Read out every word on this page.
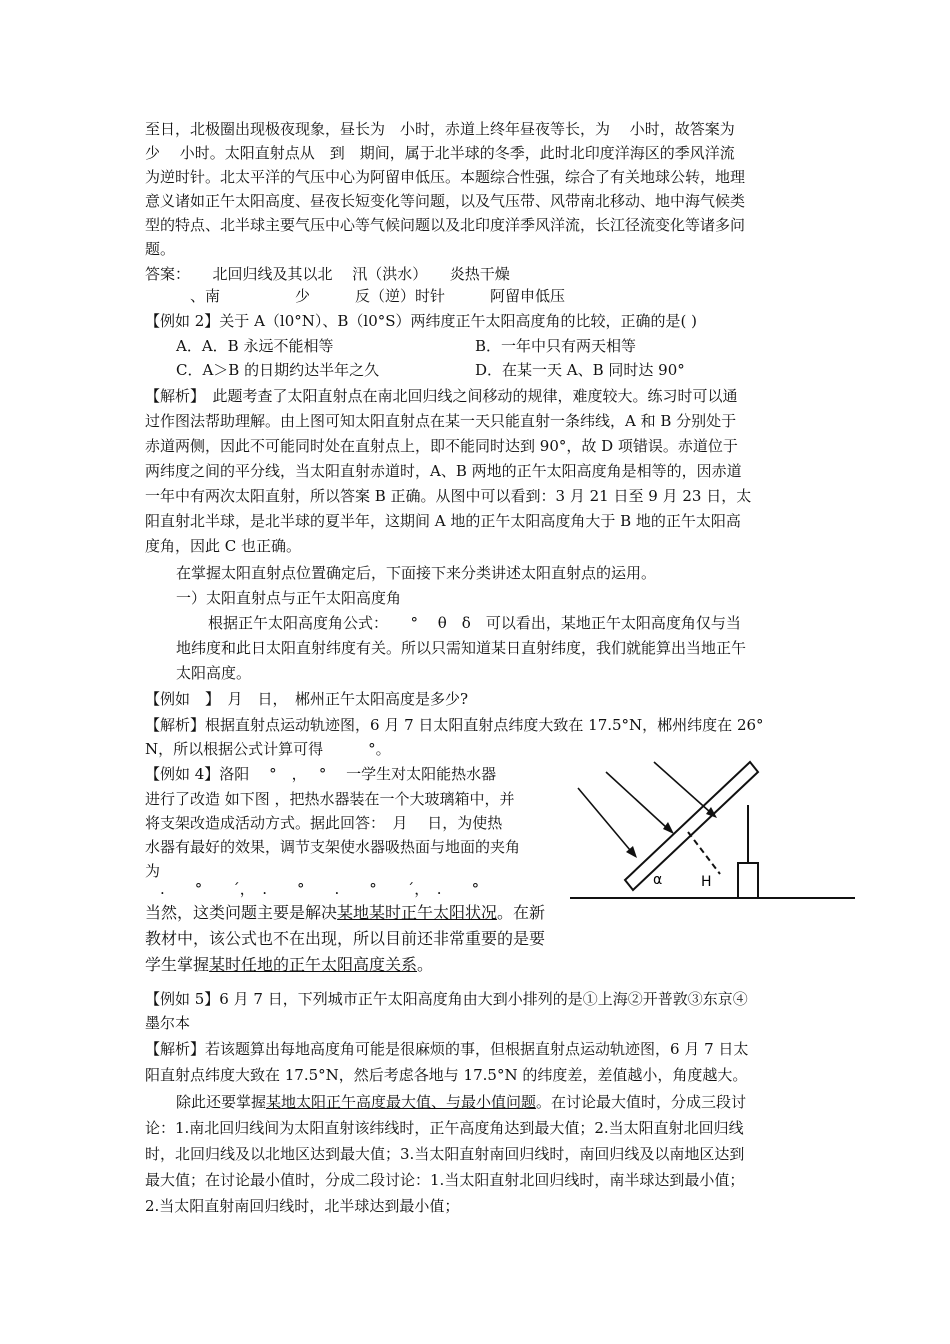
至日，北极圈出现极夜现象，昼长为　小时，赤道上终年昼夜等长，为　 小时，故答案为
少　 小时。太阳直射点从　到　期间，属于北半球的冬季，此时北印度洋海区的季风洋流
为逆时针。北太平洋的气压中心为阿留申低压。本题综合性强，综合了有关地球公转，地理
意义诸如正午太阳高度、昼夜长短变化等问题，以及气压带、风带南北移动、地中海气候类
型的特点、北半球主要气压中心等气候问题以及北印度洋季风洋流，长江径流变化等诸多问
题。
答案：　　北回归线及其以北　 汛（洪水）　　炎热干燥
　　　、南　　　　　少　　　反（逆）时针　　　阿留申低压
【例如 2】关于 A（l0°N）、B（l0°S）两纬度正午太阳高度角的比较，正确的是( )
A．A．B 永远不能相等	B．一年中只有两天相等
C．A＞B 的日期约达半年之久	D．在某一天 A、B 同时达 90°
【解析】　此题考查了太阳直射点在南北回归线之间移动的规律，难度较大。练习时可以通
过作图法帮助理解。由上图可知太阳直射点在某一天只能直射一条纬线，A 和 B 分别处于
赤道两侧，因此不可能同时处在直射点上，即不能同时达到 90°，故 D 项错误。赤道位于
两纬度之间的平分线，当太阳直射赤道时，A、B 两地的正午太阳高度角是相等的，因赤道
一年中有两次太阳直射，所以答案 B 正确。从图中可以看到：3 月 21 日至 9 月 23 日，太
阳直射北半球，是北半球的夏半年，这期间 A 地的正午太阳高度角大于 B 地的正午太阳高
度角，因此 C 也正确。
在掌握太阳直射点位置确定后，下面接下来分类讲述太阳直射点的运用。
一）太阳直射点与正午太阳高度角
根据正午太阳高度角公式：　　°　 θ　δ　可以看出，某地正午太阳高度角仅与当
地纬度和此日太阳直射纬度有关。所以只需知道某日直射纬度，我们就能算出当地正午
太阳高度。
【例如　】　月　日，　郴州正午太阳高度是多少?
【解析】根据直射点运动轨迹图，6 月 7 日太阳直射点纬度大致在 17.5°N，郴州纬度在 26°
N，所以根据公式计算可得　　　°。
【例如 4】洛阳　 °　，　 °　 一学生对太阳能热水器
进行了改造 如下图 ，把热水器装在一个大玻璃箱中，并
将支架改造成活动方式。据此回答：　月　 日，为使热
水器有最好的效果，调节支架使水器吸热面与地面的夹角
为
　.　　°　　´，　.　　°　　.　　°　　´，　.　　°
当然，这类问题主要是解决某地某时正午太阳状况。在新
教材中，该公式也不在出现，所以目前还非常重要的是要
学生掌握某时任地的正午太阳高度关系。
【例如 5】6 月 7 日，下列城市正午太阳高度角由大到小排列的是①上海②开普敦③东京④
墨尔本
【解析】若该题算出每地高度角可能是很麻烦的事，但根据直射点运动轨迹图，6 月 7 日太
阳直射点纬度大致在 17.5°N，然后考虑各地与 17.5°N 的纬度差，差值越小，角度越大。
除此还要掌握某地太阳正午高度最大值、与最小值问题。在讨论最大值时，分成三段讨
论：1.南北回归线间为太阳直射该纬线时，正午高度角达到最大值；2.当太阳直射北回归线
时，北回归线及以北地区达到最大值；3.当太阳直射南回归线时，南回归线及以南地区达到
最大值；在讨论最小值时，分成二段讨论：1.当太阳直射北回归线时，南半球达到最小值；
2.当太阳直射南回归线时，北半球达到最小值；
α	H
